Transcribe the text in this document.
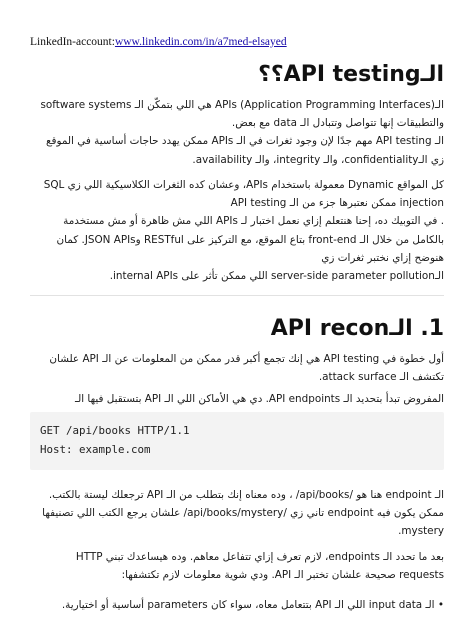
LinkedIn-account:www.linkedin.com/in/a7med-elsayed
الـAPI testing؟؟
الـAPIs (Application Programming Interfaces) هي اللي بتمكّن الـ software systems والتطبيقات إنها تتواصل وتتبادل الـ data مع بعض.
الـ API testing مهم جدًا لإن وجود ثغرات في الـ APIs ممكن يهدد حاجات أساسية في الموقع زي الـconfidentiality، والـ integrity، والـ availability.
كل المواقع Dynamic معمولة باستخدام APIs، وعشان كده الثغرات الكلاسيكية اللي زي SQL injection ممكن نعتبرها جزء من الـ API testing
. في التوبيك ده، إحنا هنتعلم إزاي نعمل اختبار لـ APIs اللي مش ظاهرة أو مش مستخدمة بالكامل من خلال الـ front-end بتاع الموقع، مع التركيز على RESTful وJSON APIs. كمان هنوضح إزاي نختبر ثغرات زي
الـserver-side parameter pollution اللي ممكن تأثر على internal APIs.
1. الـAPI recon
أول خطوة في API testing هي إنك تجمع أكبر قدر ممكن من المعلومات عن الـ API علشان تكتشف الـ attack surface.
المفروض تبدأ بتحديد الـ API endpoints. دي هي الأماكن اللي الـ API بتستقبل فيها الـ
GET /api/books HTTP/1.1
Host: example.com
الـ endpoint هنا هو /api/books/ ، وده معناه إنك بتطلب من الـ API ترجعلك ليستة بالكتب. ممكن يكون فيه endpoint تاني زي /api/books/mystery/ علشان يرجع الكتب اللي تصنيفها mystery.
بعد ما تحدد الـ endpoints، لازم تعرف إزاي تتفاعل معاهم. وده هيساعدك تبني HTTP requests صحيحة علشان تختبر الـ API. ودي شوية معلومات لازم تكتشفها:
• الـ input data اللي الـ API بتتعامل معاه، سواء كان parameters أساسية أو اختيارية.
